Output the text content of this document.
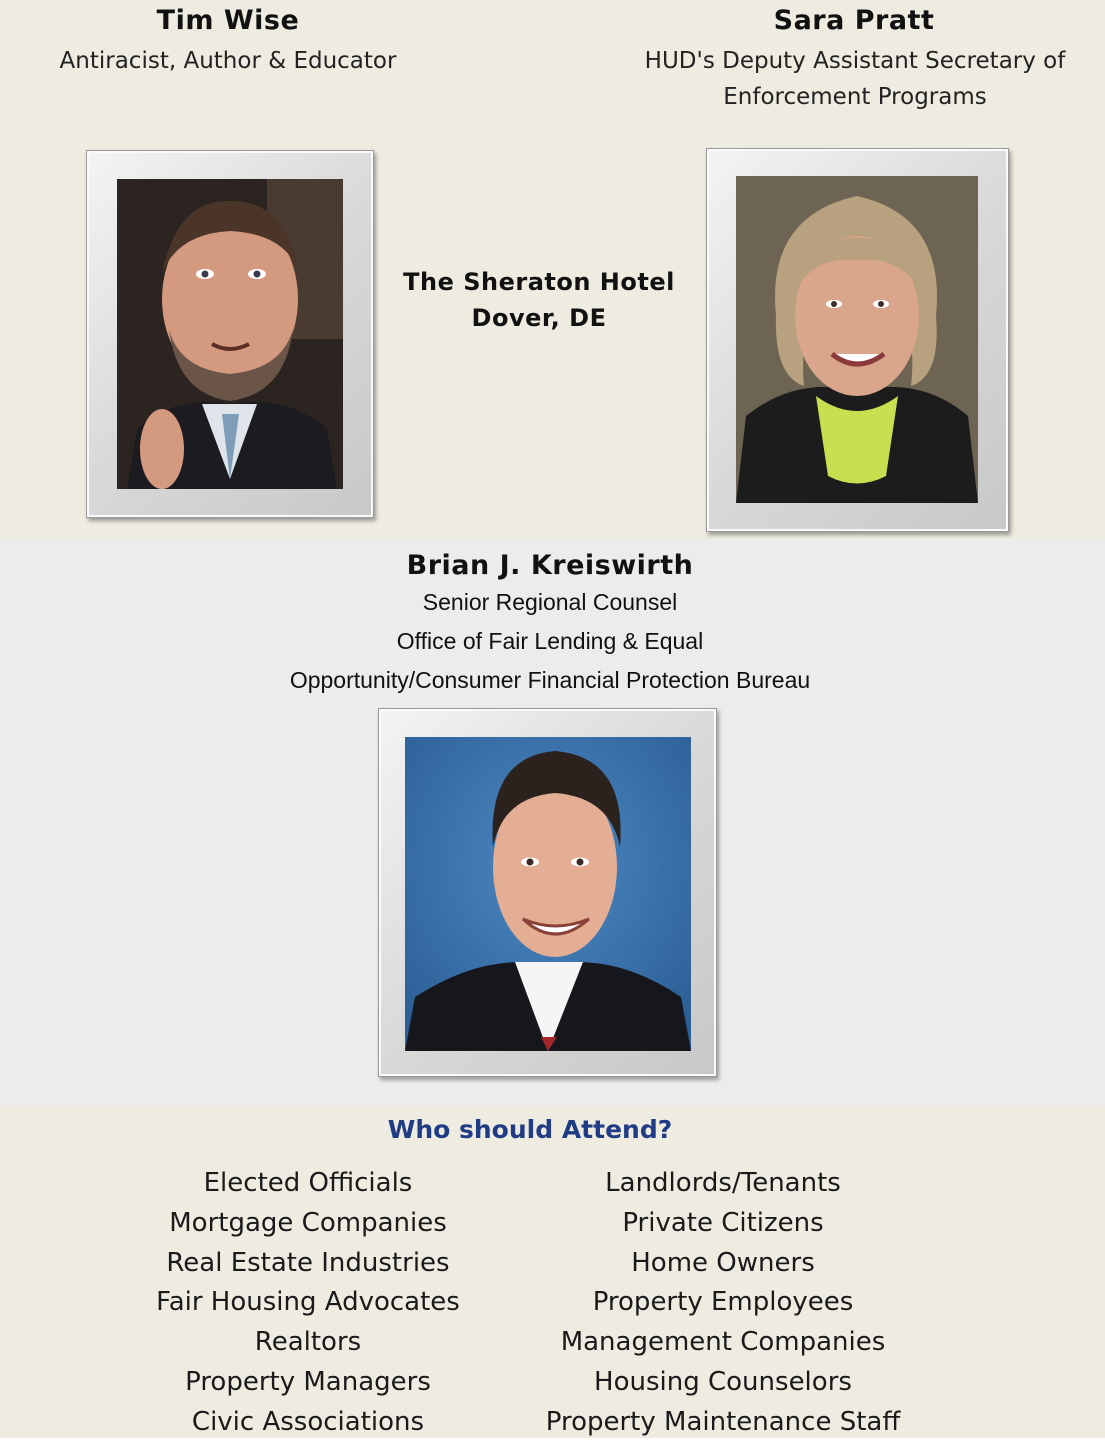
Tim Wise
Antiracist, Author & Educator
Sara Pratt
HUD's Deputy Assistant Secretary of
Enforcement Programs
The Sheraton Hotel
Dover, DE
Brian J. Kreiswirth
Senior Regional Counsel
Office of Fair Lending & Equal
Opportunity/Consumer Financial Protection Bureau
Who should Attend?
Elected Officials
Mortgage Companies
Real Estate Industries
Fair Housing Advocates
Realtors
Property Managers
Civic Associations
Landlords/Tenants
Private Citizens
Home Owners
Property Employees
Management Companies
Housing Counselors
Property Maintenance Staff
